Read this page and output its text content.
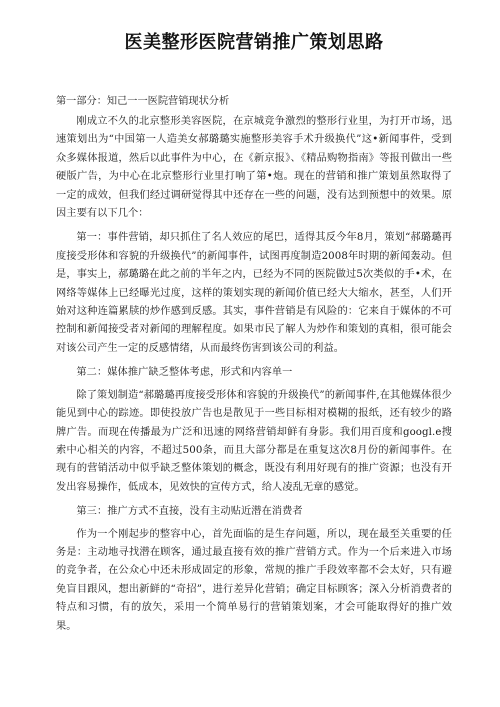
医美整形医院营销推广策划思路
第一部分：知己一一医院营销现状分析

刚成立不久的北京整形美容医院，在京城竞争激烈的整形行业里，为打开市场，迅速策划出为“中国第一人造美女郝璐璐实施整形美容手术升级换代”这•新闻事件，受到众多媒体报道，然后以此事件为中心，在《新京报》、《精品购物指南》等报刊做出一些硬版广告，为中心在北京整形行业里打响了第•炮。现在的营销和推广策划虽然取得了一定的成效，但我们经过调研觉得其中还存在一些的问题，没有达到预想中的效果。原因主要有以下几个：

第一：事件营销，却只抓住了名人效应的尾巴，适得其反今年8月，策划“郝璐璐再度接受形体和容貌的升级换代”的新闻事件，试图再度制造2008年时期的新闻轰动。但是，事实上，郝璐璐在此之前的半年之内，已经为不同的医院做过5次类似的手•术，在网络等媒体上已经曝光过度，这样的策划实现的新闻价值已经大大缩水，甚至，人们开始对这种连篇累牍的炒作感到反感。其实，事件营销是有风险的：它来自于媒体的不可控制和新闻接受者对新闻的理解程度。如果市民了解人为炒作和策划的真相，很可能会对该公司产生一定的反感情绪，从而最终伤害到该公司的利益。

第二：媒体推广缺乏整体考虑，形式和内容单一

除了策划制造“郝璐璐再度接受形体和容貌的升级换代”的新闻事件,在其他媒体很少能见到中心的踪迹。即使投放广告也是散见于一些目标相对模糊的报纸，还有较少的路牌广告。而现在传播最为广泛和迅速的网络营销却鲜有身影。我们用百度和googl.e搜索中心相关的内容，不超过500条，而且大部分都是在重复这次8月份的新闻事件。在现有的营销活动中似乎缺乏整体策划的概念，既没有利用好现有的推广资源；也没有开发出容易操作，低成本，见效快的宣传方式，给人凌乱无章的感觉。

第三：推广方式不直接，没有主动贴近潜在消费者

作为一个刚起步的整容中心，首先面临的是生存问题，所以，现在最至关重要的任务是：主动地寻找潜在顾客，通过最直接有效的推广营销方式。作为一个后来进入市场的竞争者，在公众心中还未形成固定的形象，常规的推广手段效率都不会太好，只有避免盲目跟风，想出新鲜的“奇招”，进行差异化营销；确定目标顾客；深入分析消费者的特点和习惯，有的放矢，采用一个简单易行的营销策划案，才会可能取得好的推广效果。
